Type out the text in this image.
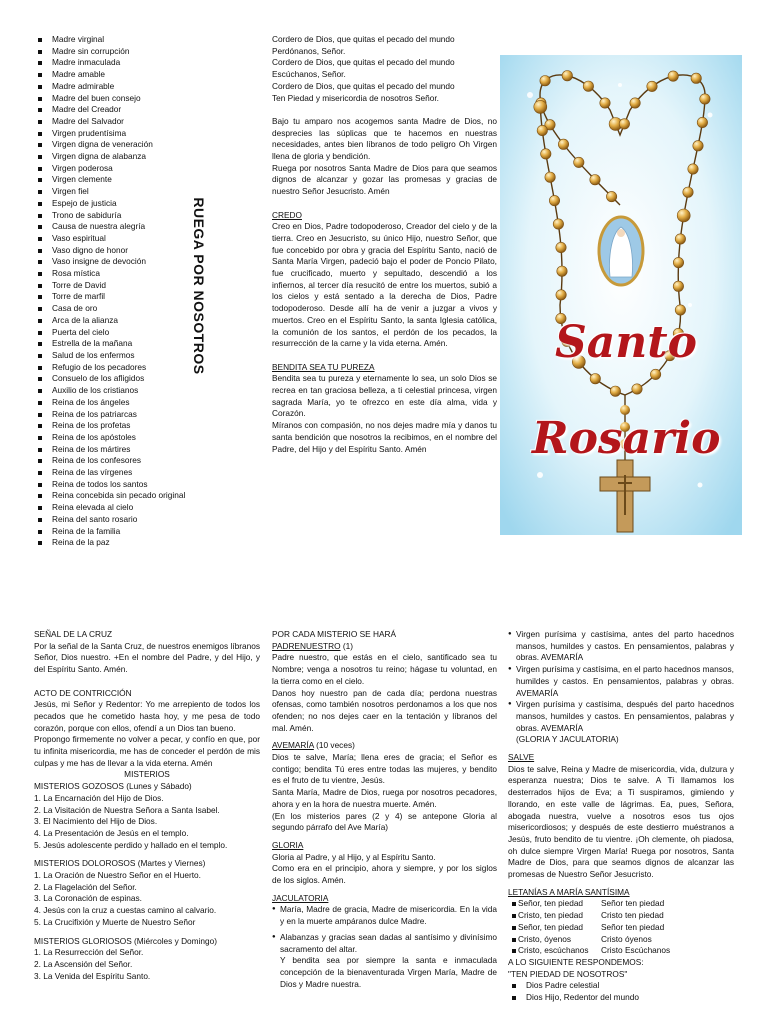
Madre virginal
Madre sin corrupción
Madre inmaculada
Madre amable
Madre admirable
Madre del buen consejo
Madre del Creador
Madre del Salvador
Virgen prudentísima
Virgen digna de veneración
Virgen digna de alabanza
Virgen poderosa
Virgen clemente
Virgen fiel
Espejo de justicia
Trono de sabiduría
Causa de nuestra alegría
Vaso espiritual
Vaso digno de honor
Vaso insigne de devoción
Rosa mística
Torre de David
Torre de marfil
Casa de oro
Arca de la alianza
Puerta del cielo
Estrella de la mañana
Salud de los enfermos
Refugio de los pecadores
Consuelo de los afligidos
Auxilio de los cristianos
Reina de los ángeles
Reina de los patriarcas
Reina de los profetas
Reina de los apóstoles
Reina de los mártires
Reina de los confesores
Reina de las vírgenes
Reina de todos los santos
Reina concebida sin pecado original
Reina elevada al cielo
Reina del santo rosario
Reina de la familia
Reina de la paz
RUEGA POR NOSOTROS

Cordero de Dios, que quitas el pecado del mundo

Perdónanos, Señor.

Cordero de Dios, que quitas el pecado del mundo

Escúchanos, Señor.

Cordero de Dios, que quitas el pecado del mundo

Ten Piedad y misericordia de nosotros Señor.

Bajo tu amparo nos acogemos santa Madre de Dios, no desprecies las súplicas que te hacemos en nuestras necesidades, antes bien líbranos de todo peligro Oh Virgen llena de gloria y bendición.

Ruega por nosotros Santa Madre de Dios para que seamos dignos de alcanzar y gozar las promesas y gracias de nuestro Señor Jesucristo. Amén

CREDO

Creo en Dios, Padre todopoderoso, Creador del cielo y de la tierra. Creo en Jesucristo, su único Hijo, nuestro Señor, que fue concebido por obra y gracia del Espíritu Santo, nació de Santa María Virgen, padeció bajo el poder de Poncio Pilato, fue crucificado, muerto y sepultado, descendió a los infiernos, al tercer día resucitó de entre los muertos, subió a los cielos y está sentado a la derecha de Dios, Padre todopoderoso. Desde allí ha de venir a juzgar a vivos y muertos. Creo en el Espíritu Santo, la santa Iglesia católica, la comunión de los santos, el perdón de los pecados, la resurrección de la carne y la vida eterna. Amén.

BENDITA SEA TU PUREZA

Bendita sea tu pureza y eternamente lo sea, un solo Dios se recrea en tan graciosa belleza, a ti celestial princesa, virgen sagrada María, yo te ofrezco en este día alma, vida y Corazón.

Míranos con compasión, no nos dejes madre mía y danos tu santa bendición que nosotros la recibimos, en el nombre del Padre, del Hijo y del Espíritu Santo. Amén

Santo
Rosario

SEÑAL DE LA CRUZ

Por la señal de la Santa Cruz, de nuestros enemigos líbranos Señor, Dios nuestro. +En el nombre del Padre, y del Hijo, y del Espíritu Santo. Amén.

ACTO DE CONTRICCIÓN

Jesús, mi Señor y Redentor: Yo me arrepiento de todos los pecados que he cometido hasta hoy, y me pesa de todo corazón, porque con ellos, ofendí a un Dios tan bueno.

Propongo firmemente no volver a pecar, y confío en que, por tu infinita misericordia, me has de conceder el perdón de mis culpas y me has de llevar a la vida eterna. Amén

MISTERIOS

MISTERIOS GOZOSOS (Lunes y Sábado)

1. La Encarnación del Hijo de Dios.

2. La Visitación de Nuestra Señora a Santa Isabel.

3. El Nacimiento del Hijo de Dios.

4. La Presentación de Jesús en el templo.

5. Jesús adolescente perdido y hallado en el templo.

MISTERIOS DOLOROSOS (Martes y Viernes)

1. La Oración de Nuestro Señor en el Huerto.

2. La Flagelación del Señor.

3. La Coronación de espinas.

4. Jesús con la cruz a cuestas camino al calvario.

5. La Crucifixión y Muerte de Nuestro Señor

MISTERIOS GLORIOSOS (Miércoles y Domingo)

1. La Resurrección del Señor.

2. La Ascensión del Señor.

3. La Venida del Espíritu Santo.

POR CADA MISTERIO SE HARÁ

PADRENUESTRO (1)

Padre nuestro, que estás en el cielo, santificado sea tu Nombre; venga a nosotros tu reino; hágase tu voluntad, en la tierra como en el cielo.

Danos hoy nuestro pan de cada día; perdona nuestras ofensas, como también nosotros perdonamos a los que nos ofenden; no nos dejes caer en la tentación y líbranos del mal. Amén.

AVEMARÍA (10 veces)

Dios te salve, María; llena eres de gracia; el Señor es contigo; bendita Tú eres entre todas las mujeres, y bendito es el fruto de tu vientre, Jesús.

Santa María, Madre de Dios, ruega por nosotros pecadores, ahora y en la hora de nuestra muerte. Amén.

(En los misterios pares (2 y 4) se antepone Gloria al segundo párrafo del Ave María)

GLORIA

Gloria al Padre, y al Hijo, y al Espíritu Santo.

Como era en el principio, ahora y siempre, y por los siglos de los siglos. Amén.

JACULATORIA

● María, Madre de gracia, Madre de misericordia. En la vida y en la muerte ampáranos dulce Madre.
● Alabanzas y gracias sean dadas al santísimo y divinísimo sacramento del altar.

Y bendita sea por siempre la santa e inmaculada concepción de la bienaventurada Virgen María, Madre de Dios y Madre nuestra.

● Virgen purísima y castísima, antes del parto hacednos mansos, humildes y castos. En pensamientos, palabras y obras. AVEMARÍA
● Virgen purísima y castísima, en el parto hacednos mansos, humildes y castos. En pensamientos, palabras y obras. AVEMARÍA
● Virgen purísima y castísima, después del parto hacednos mansos, humildes y castos. En pensamientos, palabras y obras. AVEMARÍA

(GLORIA Y JACULATORIA)

SALVE

Dios te salve, Reina y Madre de misericordia, vida, dulzura y esperanza nuestra; Dios te salve. A Ti llamamos los desterrados hijos de Eva; a Ti suspiramos, gimiendo y llorando, en este valle de lágrimas. Ea, pues, Señora, abogada nuestra, vuelve a nosotros esos tus ojos misericordiosos; y después de este destierro muéstranos a Jesús, fruto bendito de tu vientre. ¡Oh clemente, oh piadosa, oh dulce siempre Virgen María! Ruega por nosotros, Santa Madre de Dios, para que seamos dignos de alcanzar las promesas de Nuestro Señor Jesucristo.

LETANÍAS A MARÍA SANTÍSIMA

Señor, ten piedad	Señor ten piedad
Cristo, ten piedad	Cristo ten piedad
Señor, ten piedad	Señor ten piedad
Cristo, óyenos	Cristo óyenos
Cristo, escúchanos	Cristo Escúchanos

A LO SIGUIENTE RESPONDEMOS:

"TEN PIEDAD DE NOSOTROS"

Dios Padre celestial
Dios Hijo, Redentor del mundo
